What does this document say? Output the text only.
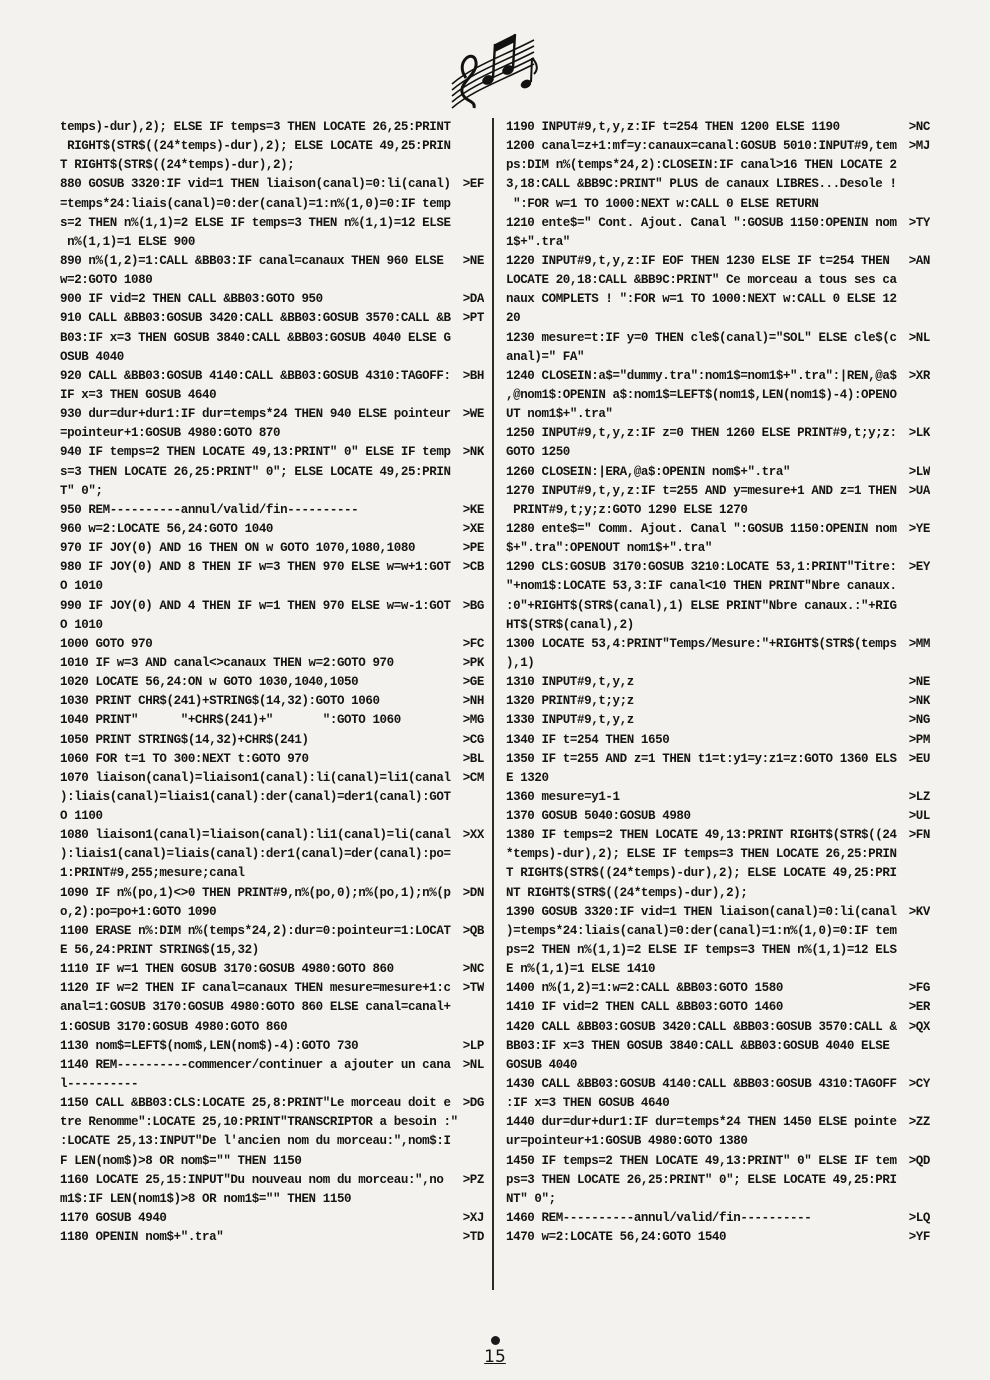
temps)-dur),2); ELSE IF temps=3 THEN LOCATE 26,25:PRINT
RIGHT$(STR$((24*temps)-dur),2); ELSE LOCATE 49,25:PRIN
T RIGHT$(STR$((24*temps)-dur),2);
880 GOSUB 3320:IF vid=1 THEN liaison(canal)=0:li(canal) >EF
=temps*24:liais(canal)=0:der(canal)=1:n%(1,0)=0:IF temp
s=2 THEN n%(1,1)=2 ELSE IF temps=3 THEN n%(1,1)=12 ELSE
n%(1,1)=1 ELSE 900
890 n%(1,2)=1:CALL &BB03:IF canal=canaux THEN 960 ELSE	>NE
w=2:GOTO 1080
900 IF vid=2 THEN CALL &BB03:GOTO 950	>DA
910 CALL &BB03:GOSUB 3420:CALL &BB03:GOSUB 3570:CALL &B >PT
B03:IF x=3 THEN GOSUB 3840:CALL &BB03:GOSUB 4040 ELSE G
OSUB 4040
920 CALL &BB03:GOSUB 4140:CALL &BB03:GOSUB 4310:TAGOFF: >BH
IF x=3 THEN GOSUB 4640
930 dur=dur+dur1:IF dur=temps*24 THEN 940 ELSE pointeur >WE
=pointeur+1:GOSUB 4980:GOTO 870
940 IF temps=2 THEN LOCATE 49,13:PRINT" 0" ELSE IF temp >NK
s=3 THEN LOCATE 26,25:PRINT" 0"; ELSE LOCATE 49,25:PRIN
T" 0";
950 REM----------annul/valid/fin----------	>KE
960 w=2:LOCATE 56,24:GOTO 1040	>XE
970 IF JOY(0) AND 16 THEN ON w GOTO 1070,1080,1080	>PE
980 IF JOY(0) AND 8 THEN IF w=3 THEN 970 ELSE w=w+1:GOT >CB
O 1010
990 IF JOY(0) AND 4 THEN IF w=1 THEN 970 ELSE w=w-1:GOT >BG
O 1010
1000 GOTO 970	>FC
1010 IF w=3 AND canal<>canaux THEN w=2:GOTO 970	>PK
1020 LOCATE 56,24:ON w GOTO 1030,1040,1050	>GE
1030 PRINT CHR$(241)+STRING$(14,32):GOTO 1060	>NH
1040 PRINT"      "+CHR$(241)+"       ":GOTO 1060	>MG
1050 PRINT STRING$(14,32)+CHR$(241)	>CG
1060 FOR t=1 TO 300:NEXT t:GOTO 970	>BL
1070 liaison(canal)=liaison1(canal):li(canal)=li1(canal >CM
):liais(canal)=liais1(canal):der(canal)=der1(canal):GOT
O 1100
1080 liaison1(canal)=liaison(canal):li1(canal)=li(canal >XX
):liais1(canal)=liais(canal):der1(canal)=der(canal):po=
1:PRINT#9,255;mesure;canal
1090 IF n%(po,1)<>0 THEN PRINT#9,n%(po,0);n%(po,1);n%(p >DN
o,2):po=po+1:GOTO 1090
1100 ERASE n%:DIM n%(temps*24,2):dur=0:pointeur=1:LOCAT >QB
E 56,24:PRINT STRING$(15,32)
1110 IF w=1 THEN GOSUB 3170:GOSUB 4980:GOTO 860	>NC
1120 IF w=2 THEN IF canal=canaux THEN mesure=mesure+1:c >TW
anal=1:GOSUB 3170:GOSUB 4980:GOTO 860 ELSE canal=canal+
1:GOSUB 3170:GOSUB 4980:GOTO 860
1130 nom$=LEFT$(nom$,LEN(nom$)-4):GOTO 730	>LP
1140 REM----------commencer/continuer a ajouter un cana >NL
l----------
1150 CALL &BB03:CLS:LOCATE 25,8:PRINT"Le morceau doit e >DG
tre Renomme":LOCATE 25,10:PRINT"TRANSCRIPTOR a besoin :"
:LOCATE 25,13:INPUT"De l'ancien nom du morceau:",nom$:I
F LEN(nom$)>8 OR nom$="" THEN 1150
1160 LOCATE 25,15:INPUT"Du nouveau nom du morceau:",no	>PZ
m1$:IF LEN(nom1$)>8 OR nom1$="" THEN 1150
1170 GOSUB 4940	>XJ
1180 OPENIN nom$+".tra"	>TD
1190 INPUT#9,t,y,z:IF t=254 THEN 1200 ELSE 1190	>NC
1200 canal=z+1:mf=y:canaux=canal:GOSUB 5010:INPUT#9,tem >MJ
ps:DIM n%(temps*24,2):CLOSEIN:IF canal>16 THEN LOCATE 2
3,18:CALL &BB9C:PRINT" PLUS de canaux LIBRES...Desole !
":FOR w=1 TO 1000:NEXT w:CALL 0 ELSE RETURN
1210 ente$=" Cont. Ajout. Canal ":GOSUB 1150:OPENIN nom >TY
1$+".tra"
1220 INPUT#9,t,y,z:IF EOF THEN 1230 ELSE IF t=254 THEN	>AN
LOCATE 20,18:CALL &BB9C:PRINT" Ce morceau a tous ses ca
naux COMPLETS ! ":FOR w=1 TO 1000:NEXT w:CALL 0 ELSE 12
20
1230 mesure=t:IF y=0 THEN cle$(canal)="SOL" ELSE cle$(c >NL
anal)=" FA"
1240 CLOSEIN:a$="dummy.tra":nom1$=nom1$+".tra":|REN,@a$ >XR
,@nom1$:OPENIN a$:nom1$=LEFT$(nom1$,LEN(nom1$)-4):OPENO
UT nom1$+".tra"
1250 INPUT#9,t,y,z:IF z=0 THEN 1260 ELSE PRINT#9,t;y;z: >LK
GOTO 1250
1260 CLOSEIN:|ERA,@a$:OPENIN nom$+".tra"	>LW
1270 INPUT#9,t,y,z:IF t=255 AND y=mesure+1 AND z=1 THEN >UA
PRINT#9,t;y;z:GOTO 1290 ELSE 1270
1280 ente$=" Comm. Ajout. Canal ":GOSUB 1150:OPENIN nom >YE
$+".tra":OPENOUT nom1$+".tra"
1290 CLS:GOSUB 3170:GOSUB 3210:LOCATE 53,1:PRINT"Titre: >EY
"+nom1$:LOCATE 53,3:IF canal<10 THEN PRINT"Nbre canaux.
:0"+RIGHT$(STR$(canal),1) ELSE PRINT"Nbre canaux.:"+RIG
HT$(STR$(canal),2)
1300 LOCATE 53,4:PRINT"Temps/Mesure:"+RIGHT$(STR$(temps >MM
),1)
1310 INPUT#9,t,y,z	>NE
1320 PRINT#9,t;y;z	>NK
1330 INPUT#9,t,y,z	>NG
1340 IF t=254 THEN 1650	>PM
1350 IF t=255 AND z=1 THEN t1=t:y1=y:z1=z:GOTO 1360 ELS >EU
E 1320
1360 mesure=y1-1	>LZ
1370 GOSUB 5040:GOSUB 4980	>UL
1380 IF temps=2 THEN LOCATE 49,13:PRINT RIGHT$(STR$((24 >FN
*temps)-dur),2); ELSE IF temps=3 THEN LOCATE 26,25:PRIN
T RIGHT$(STR$((24*temps)-dur),2); ELSE LOCATE 49,25:PRI
NT RIGHT$(STR$((24*temps)-dur),2);
1390 GOSUB 3320:IF vid=1 THEN liaison(canal)=0:li(canal >KV
)=temps*24:liais(canal)=0:der(canal)=1:n%(1,0)=0:IF tem
ps=2 THEN n%(1,1)=2 ELSE IF temps=3 THEN n%(1,1)=12 ELS
E n%(1,1)=1 ELSE 1410
1400 n%(1,2)=1:w=2:CALL &BB03:GOTO 1580	>FG
1410 IF vid=2 THEN CALL &BB03:GOTO 1460	>ER
1420 CALL &BB03:GOSUB 3420:CALL &BB03:GOSUB 3570:CALL & >QX
BB03:IF x=3 THEN GOSUB 3840:CALL &BB03:GOSUB 4040 ELSE
GOSUB 4040
1430 CALL &BB03:GOSUB 4140:CALL &BB03:GOSUB 4310:TAGOFF >CY
:IF x=3 THEN GOSUB 4640
1440 dur=dur+dur1:IF dur=temps*24 THEN 1450 ELSE pointe >ZZ
ur=pointeur+1:GOSUB 4980:GOTO 1380
1450 IF temps=2 THEN LOCATE 49,13:PRINT" 0" ELSE IF tem >QD
ps=3 THEN LOCATE 26,25:PRINT" 0"; ELSE LOCATE 49,25:PRI
NT" 0";
1460 REM----------annul/valid/fin----------	>LQ
1470 w=2:LOCATE 56,24:GOTO 1540	>YF
15
